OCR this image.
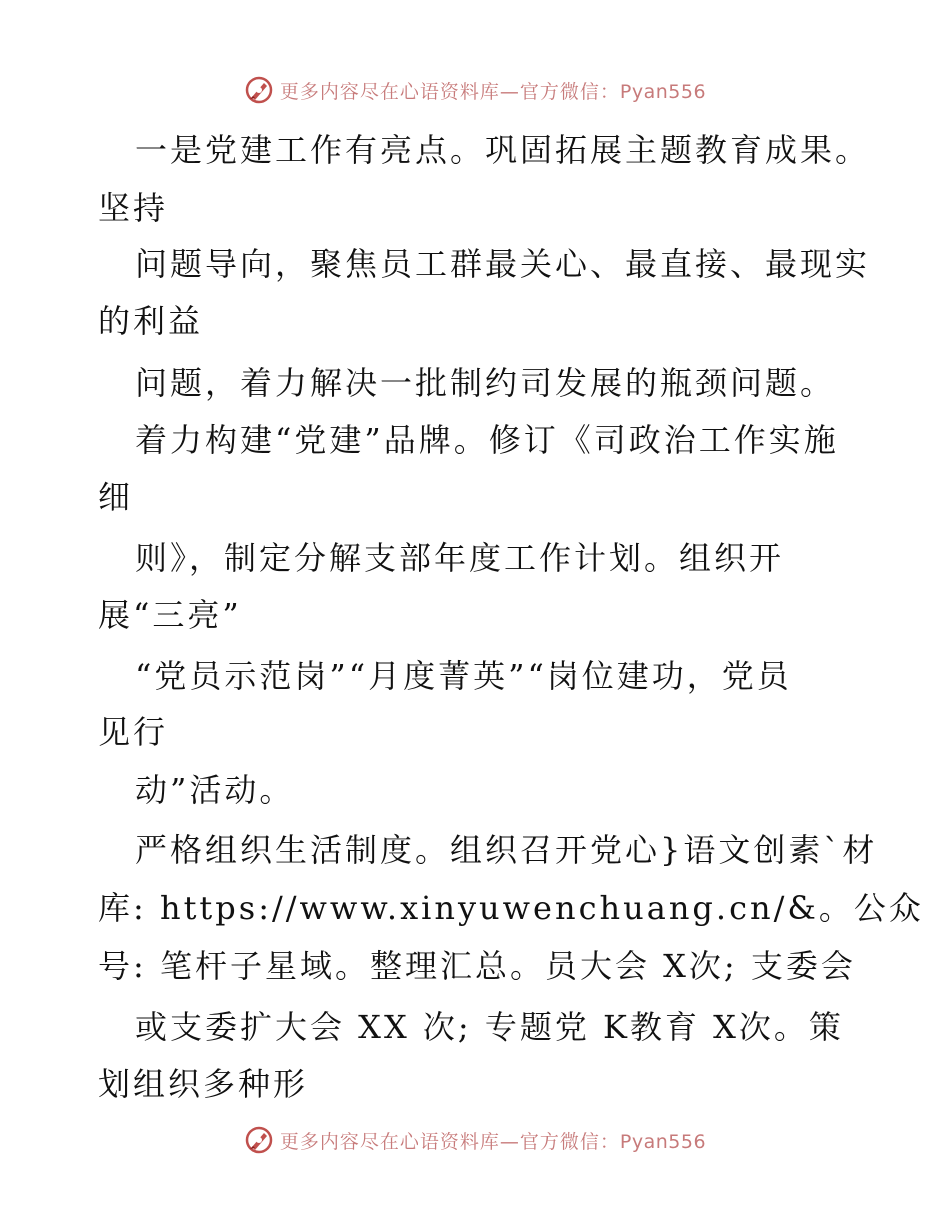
更多内容尽在心语资料库—官方微信：Pyan556
一是党建工作有亮点。巩固拓展主题教育成果。
坚持
问题导向，聚焦员工群最关心、最直接、最现实
的利益
问题，着力解决一批制约司发展的瓶颈问题。
着力构建“党建”品牌。修订《司政治工作实施
细
则》，制定分解支部年度工作计划。组织开
展“三亮”
“党员示范岗”“月度菁英”“岗位建功，党员
见行
动”活动。
严格组织生活制度。组织召开党心}语文创素`材
库: https://www.xinyuwenchuang.cn/&。公众
号: 笔杆子星域。整理汇总。员大会 X次; 支委会
或支委扩大会 XX 次; 专题党 K教育 X次。策
划组织多种形
更多内容尽在心语资料库—官方微信：Pyan556
